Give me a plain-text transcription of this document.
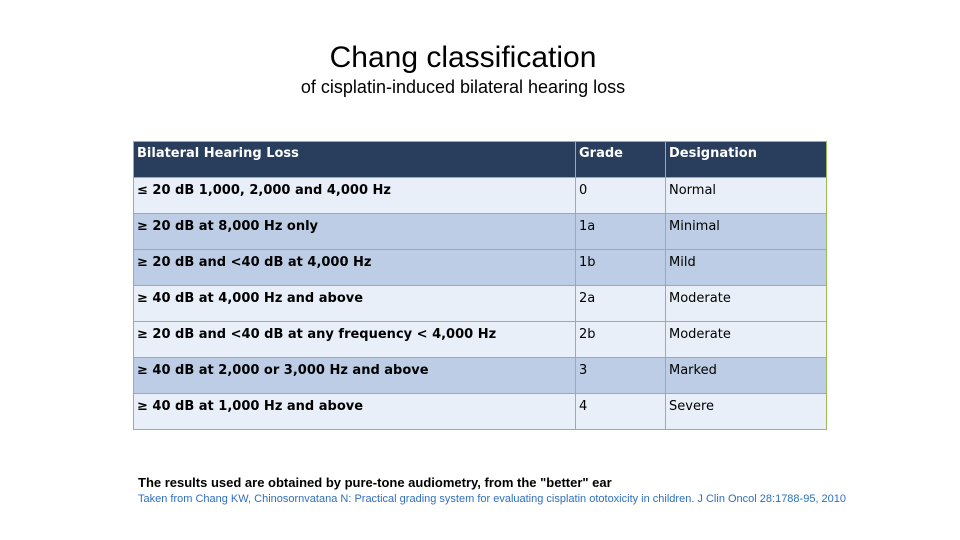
Chang classification
of cisplatin-induced bilateral hearing loss
Bilateral Hearing Loss	Grade	Designation
≤ 20 dB 1,000, 2,000 and 4,000 Hz	0	Normal
≥ 20 dB at 8,000 Hz only	1a	Minimal
≥ 20 dB and <40 dB at 4,000 Hz	1b	Mild
≥ 40 dB at 4,000 Hz and above	2a	Moderate
≥ 20 dB and <40 dB at any frequency < 4,000 Hz	2b	Moderate
≥ 40 dB at 2,000 or 3,000 Hz and above	3	Marked
≥ 40 dB at 1,000 Hz and above	4	Severe
The results used are obtained by pure-tone audiometry, from the "better" ear
Taken from Chang KW, Chinosornvatana N: Practical grading system for evaluating cisplatin ototoxicity in children. J Clin Oncol 28:1788-95, 2010
